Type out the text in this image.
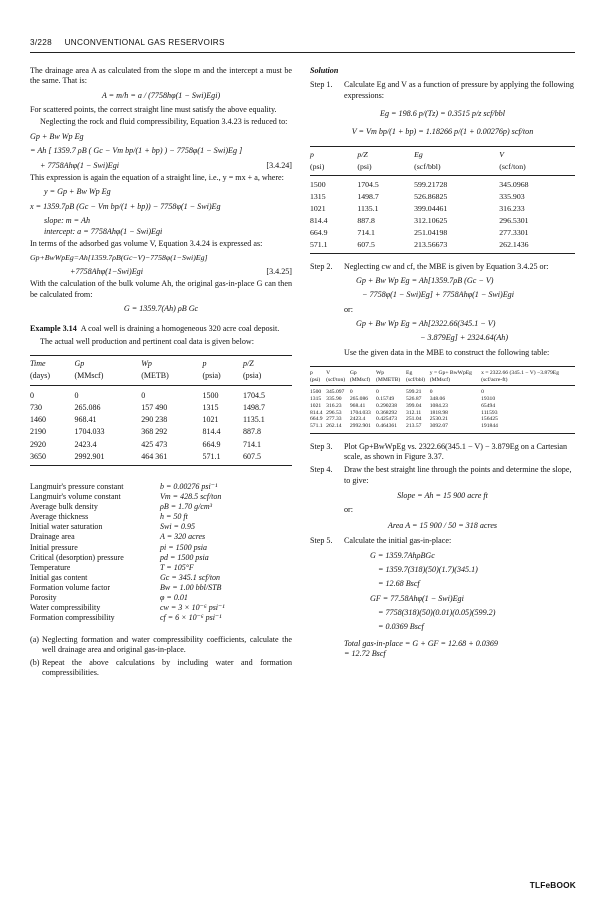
3/228 UNCONVENTIONAL GAS RESERVOIRS

The drainage area A as calculated from the slope m and the intercept a must be the same. That is:

A = m/h = a / (7758hφ(1 − Swi)Egi)

For scattered points, the correct straight line must satisfy the above equality.

Neglecting the rock and fluid compressibility, Equation 3.4.23 is reduced to:

Gp + Bw Wp Eg
= Ah [ 1359.7 ρB ( Gc − Vm bp/(1 + bp) ) − 7758φ(1 − Swi)Eg ]
+ 7758Ahφ(1 − Swi)Egi	[3.4.24]

This expression is again the equation of a straight line, i.e., y = mx + a, where:

y = Gp + Bw Wp Eg
x = 1359.7ρB (Gc − Vm bp/(1 + bp)) − 7758φ(1 − Swi)Eg
slope: m = Ah
intercept: a = 7758Ahφ(1 − Swi)Egi

In terms of the adsorbed gas volume V, Equation 3.4.24 is expressed as:

Gp+BwWpEg=Ah[1359.7ρB(Gc−V)−7758φ(1−Swi)Eg]
+7758Ahφ(1−Swi)Egi	[3.4.25]

With the calculation of the bulk volume Ah, the original gas-in-place G can then be calculated from:

G = 1359.7(Ah) ρB Gc

Example 3.14 A coal well is draining a homogeneous 320 acre coal deposit.

The actual well production and pertinent coal data is given below:

Time	Gp	Wp	p	p/Z
(days)	(MMscf)	(METB)	(psia)	(psia)
0	0	0	1500	1704.5
730	265.086	157 490	1315	1498.7
1460	968.41	290 238	1021	1135.1
2190	1704.033	368 292	814.4	887.8
2920	2423.4	425 473	664.9	714.1
3650	2992.901	464 361	571.1	607.5
Langmuir's pressure constant	b = 0.00276 psi⁻¹
Langmuir's volume constant	Vm = 428.5 scf/ton
Average bulk density	ρB = 1.70 g/cm³
Average thickness	h = 50 ft
Initial water saturation	Swi = 0.95
Drainage area	A = 320 acres
Initial pressure	pi = 1500 psia
Critical (desorption) pressure	pd = 1500 psia
Temperature	T = 105°F
Initial gas content	Gc = 345.1 scf/ton
Formation volume factor	Bw = 1.00 bbl/STB
Porosity	φ = 0.01
Water compressibility	cw = 3 × 10⁻⁶ psi⁻¹
Formation compressibility	cf = 6 × 10⁻⁶ psi⁻¹
(a) Neglecting formation and water compressibility coefficients, calculate the well drainage area and original gas-in-place.
(b) Repeat the above calculations by including water and formation compressibilities.
Solution
Step 1.	Calculate Eg and V as a function of pressure by applying the following expressions:
Eg = 198.6 p/(Tz) = 0.3515 p/z scf/bbl
V = Vm bp/(1 + bp) = 1.18266 p/(1 + 0.00276p) scf/ton
p	p/Z	Eg	V
(psi)	(psi)	(scf/bbl)	(scf/ton)
1500	1704.5	599.21728	345.0968
1315	1498.7	526.86825	335.903
1021	1135.1	399.04461	316.233
814.4	887.8	312.10625	296.5301
664.9	714.1	251.04198	277.3301
571.1	607.5	213.56673	262.1436
Step 2.	Neglecting cw and cf, the MBE is given by Equation 3.4.25 or:
Gp + Bw Wp Eg = Ah[1359.7ρB (Gc − V)
− 7758φ(1 − Swi)Eg] + 7758Ahφ(1 − Swi)Egi
or:
Gp + Bw Wp Eg = Ah[2322.66(345.1 − V)
− 3.879Eg] + 2324.64(Ah)

Use the given data in the MBE to construct the following table:

p	V	Gp	Wp	Eg	y = Gp+ BwWpEg	x = 2322.66 (345.1 − V) −3.879Eg
(psi)	(scf/ton)	(MMscf)	(MMETB)	(scf/bbl)	(MMscf)	(scf/acre-ft)
1500	345.097	0	0	599.21	0	0
1315	335.90	265.086	0.15749	526.87	348.06	19310
1021	316.23	968.41	0.290238	399.04	1084.23	65494
814.4	296.53	1704.033	0.368292	312.11	1818.98	111593
664.9	277.33	2423.4	0.425473	251.04	2530.21	156425
571.1	262.14	2992.901	0.464361	213.57	3092.07	191844
Step 3.	Plot Gp+BwWpEg vs. 2322.66(345.1 − V) − 3.879Eg on a Cartesian scale, as shown in Figure 3.37.
Step 4.	Draw the best straight line through the points and determine the slope, to give:
Slope = Ah = 15 900 acre ft
or:
Area A = 15 900 / 50 = 318 acres
Step 5.	Calculate the initial gas-in-place:
G = 1359.7AhρBGc
= 1359.7(318)(50)(1.7)(345.1)
= 12.68 Bscf
GF = 77.58Ahφ(1 − Swi)Egi
= 7758(318)(50)(0.01)(0.05)(599.2)
= 0.0369 Bscf
Total gas-in-place = G + GF = 12.68 + 0.0369
= 12.72 Bscf
TLFeBOOK
